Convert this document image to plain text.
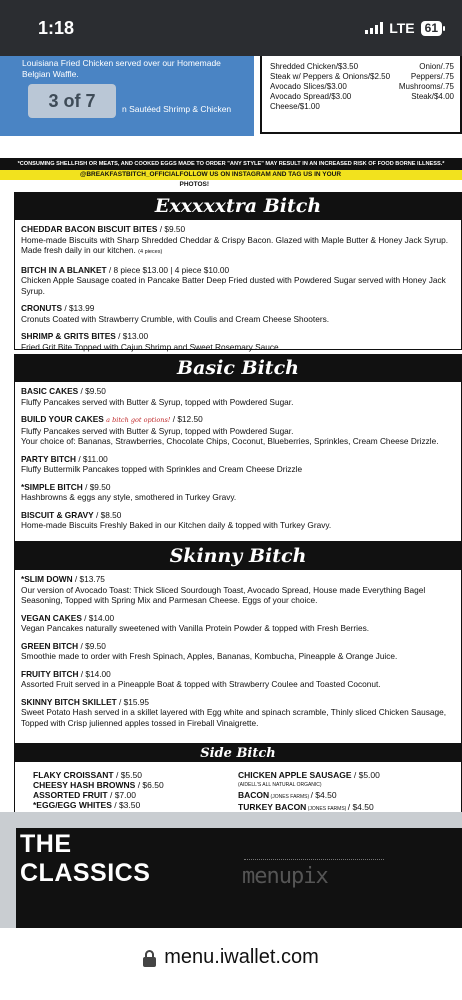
1:18	LTE 61
Louisiana Fried Chicken served over our Homemade Belgian Waffle.
n Sautéed Shrimp & Chicken
3 of 7
Shredded Chicken/$3.50	Onion/.75
Steak w/ Peppers & Onions/$2.50	Peppers/.75
Avocado Slices/$3.00	Mushrooms/.75
Avocado Spread/$3.00	Steak/$4.00
Cheese/$1.00
*CONSUMING SHELLFISH OR MEATS, AND COOKED EGGS MADE TO ORDER "ANY STYLE" MAY RESULT IN AN INCREASED RISK OF FOOD BORNE ILLNESS.*
@BREAKFASTBITCH_OFFICIAL FOLLOW US ON INSTAGRAM AND TAG US IN YOUR PHOTOS!
Exxxxxtra Bitch
CHEDDAR BACON BISCUIT BITES / $9.50
Home-made Biscuits with Sharp Shredded Cheddar & Crispy Bacon. Glazed with Maple Butter & Honey Jack Syrup. Made fresh daily in our kitchen. (4 pieces)
BITCH IN A BLANKET / 8 piece $13.00 | 4 piece $10.00
Chicken Apple Sausage coated in Pancake Batter Deep Fried dusted with Powdered Sugar served with Honey Jack Syrup.
CRONUTS / $13.99
Cronuts Coated with Strawberry Crumble, with Coulis and Cream Cheese Shooters.
SHRIMP & GRITS BITES / $13.00
Fried Grit Bite Topped with Cajun Shrimp and Sweet Rosemary Sauce.
Basic Bitch
BASIC CAKES / $9.50
Fluffy Pancakes served with Butter & Syrup, topped with Powdered Sugar.
BUILD YOUR CAKES a bitch got options! / $12.50
Fluffy Pancakes served with Butter & Syrup, topped with Powdered Sugar.
Your choice of: Bananas, Strawberries, Chocolate Chips, Coconut, Blueberries, Sprinkles, Cream Cheese Drizzle.
PARTY BITCH / $11.00
Fluffy Buttermilk Pancakes topped with Sprinkles and Cream Cheese Drizzle
*SIMPLE BITCH / $9.50
Hashbrowns & eggs any style, smothered in Turkey Gravy.
BISCUIT & GRAVY / $8.50
Home-made Biscuits Freshly Baked in our Kitchen daily & topped with Turkey Gravy.
Skinny Bitch
*SLIM DOWN / $13.75
Our version of Avocado Toast: Thick Sliced Sourdough Toast, Avocado Spread, House made Everything Bagel Seasoning, Topped with Spring Mix and Parmesan Cheese. Eggs of your choice.
VEGAN CAKES / $14.00
Vegan Pancakes naturally sweetened with Vanilla Protein Powder & topped with Fresh Berries.
GREEN BITCH / $9.50
Smoothie made to order with Fresh Spinach, Apples, Bananas, Kombucha, Pineapple & Orange Juice.
FRUITY BITCH / $14.00
Assorted Fruit served in a Pineapple Boat & topped with Strawberry Coulee and Toasted Coconut.
SKINNY BITCH SKILLET / $15.95
Sweet Potato Hash served in a skillet layered with Egg white and spinach scramble, Thinly sliced Chicken Sausage, Topped with Crisp julienned apples tossed in Fireball Vinaigrette.
Side Bitch
FLAKY CROISSANT / $5.50
CHEESY HASH BROWNS / $6.50
ASSORTED FRUIT / $7.00
*EGG/EGG WHITES / $3.50
CHICKEN APPLE SAUSAGE / $5.00
(AIDELL'S ALL NATURAL ORGANIC)
BACON (JONES FARMS) / $4.50
TURKEY BACON (JONES FARMS) / $4.50
THE
CLASSICS	menupix
menu.iwallet.com
